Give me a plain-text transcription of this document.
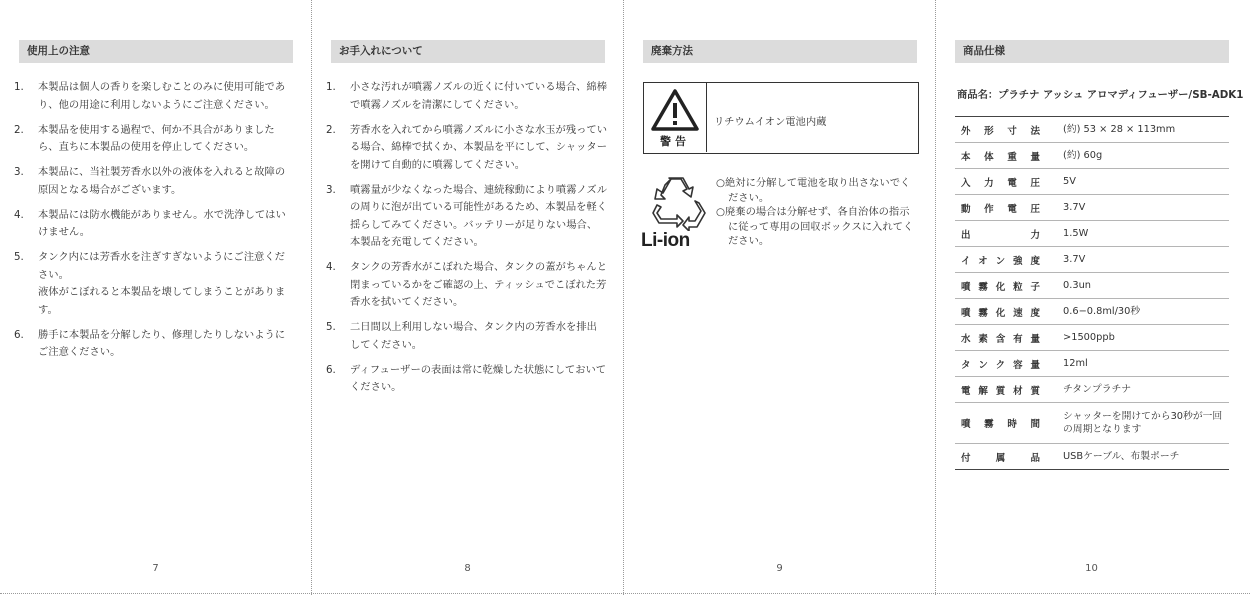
使用上の注意
1.	本製品は個人の香りを楽しむことのみに使用可能であり、他の用途に利用しないようにご注意ください。
2.	本製品を使用する過程で、何か不具合がありましたら、直ちに本製品の使用を停止してください。
3.	本製品に、当社製芳香水以外の液体を入れると故障の原因となる場合がございます。
4.	本製品には防水機能がありません。水で洗浄してはいけません。
5.	タンク内には芳香水を注ぎすぎないようにご注意ください。
液体がこぼれると本製品を壊してしまうことがあります。
6.	勝手に本製品を分解したり、修理したりしないようにご注意ください。
7
お手入れについて
1.	小さな汚れが噴霧ノズルの近くに付いている場合、綿棒で噴霧ノズルを清潔にしてください。
2.	芳香水を入れてから噴霧ノズルに小さな水玉が残っている場合、綿棒で拭くか、本製品を平にして、シャッターを開けて自動的に噴霧してください。
3.	噴霧量が少なくなった場合、連続稼動により噴霧ノズルの周りに泡が出ている可能性があるため、本製品を軽く揺らしてみてください。バッテリーが足りない場合、本製品を充電してください。
4.	タンクの芳香水がこぼれた場合、タンクの蓋がちゃんと閉まっているかをご確認の上、ティッシュでこぼれた芳香水を拭いてください。
5.	二日間以上利用しない場合、タンク内の芳香水を排出してください。
6.	ディフューザーの表面は常に乾燥した状態にしておいてください。
8
廃棄方法
9
警告
リチウムイオン電池内蔵
Li-ion

○絶対に分解して電池を取り出さないでください。

○廃棄の場合は分解せず、各自治体の指示に従って専用の回収ボックスに入れてください。

商品仕様
10
商品名：プラチナ アッシュ アロマディフューザー/SB-ADK1
外形寸法	(約) 53 × 28 × 113mm
本体重量	(約) 60g
入力電圧	5V
動作電圧	3.7V
出力	1.5W
イオン強度	3.7V
噴霧化粒子	0.3un
噴霧化速度	0.6−0.8ml/30秒
水素含有量	>1500ppb
タンク容量	12ml
電解質材質	チタンプラチナ
噴霧時間	シャッターを開けてから30秒が一回の周期となります
付属品	USBケーブル、布製ポーチ
